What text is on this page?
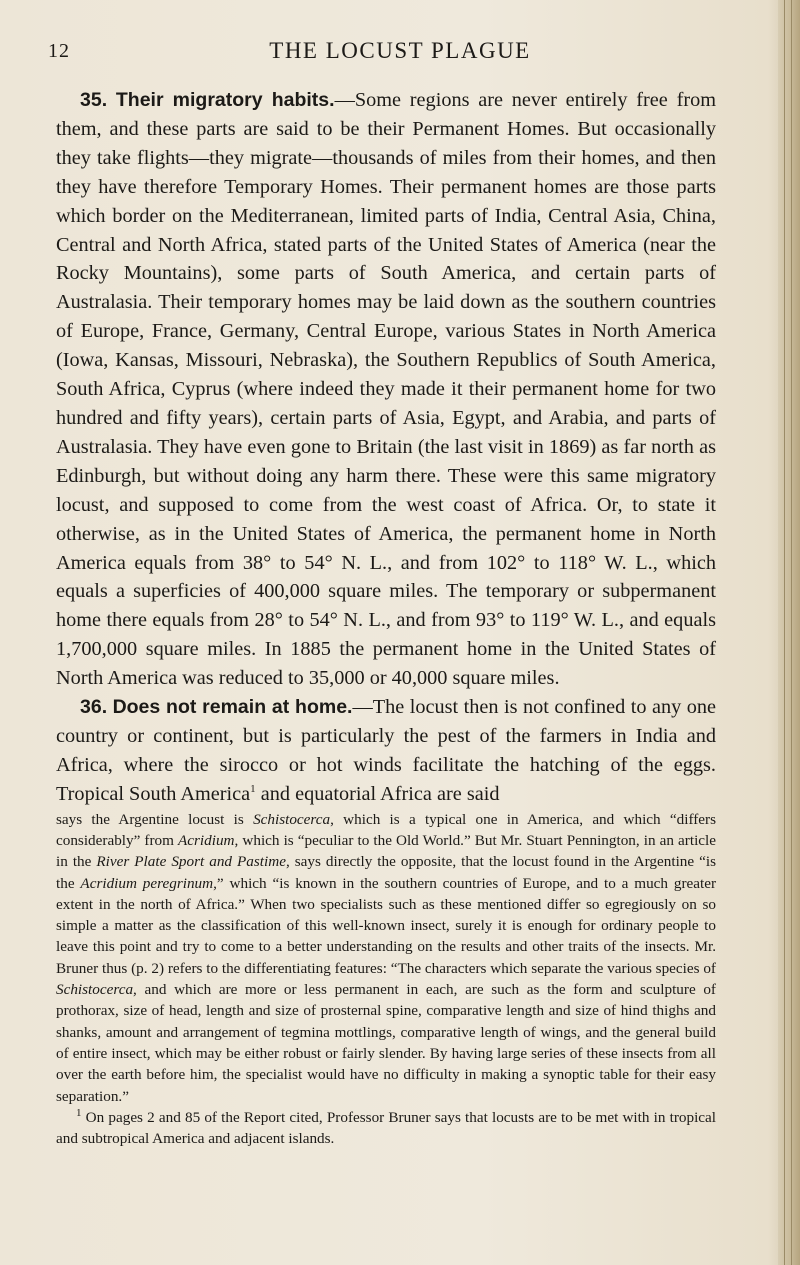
12	THE LOCUST PLAGUE

35. Their migratory habits.—Some regions are never entirely free from them, and these parts are said to be their Permanent Homes. But occasionally they take flights—they migrate—thousands of miles from their homes, and then they have therefore Temporary Homes. Their permanent homes are those parts which border on the Mediterranean, limited parts of India, Central Asia, China, Central and North Africa, stated parts of the United States of America (near the Rocky Mountains), some parts of South America, and certain parts of Australasia. Their temporary homes may be laid down as the southern countries of Europe, France, Germany, Central Europe, various States in North America (Iowa, Kansas, Missouri, Nebraska), the Southern Republics of South America, South Africa, Cyprus (where indeed they made it their permanent home for two hundred and fifty years), certain parts of Asia, Egypt, and Arabia, and parts of Australasia. They have even gone to Britain (the last visit in 1869) as far north as Edinburgh, but without doing any harm there. These were this same migratory locust, and supposed to come from the west coast of Africa. Or, to state it otherwise, as in the United States of America, the permanent home in North America equals from 38° to 54° N. L., and from 102° to 118° W. L., which equals a superficies of 400,000 square miles. The temporary or subpermanent home there equals from 28° to 54° N. L., and from 93° to 119° W. L., and equals 1,700,000 square miles. In 1885 the permanent home in the United States of North America was reduced to 35,000 or 40,000 square miles.

36. Does not remain at home.—The locust then is not confined to any one country or continent, but is particularly the pest of the farmers in India and Africa, where the sirocco or hot winds facilitate the hatching of the eggs. Tropical South America$^1$ and equatorial Africa are said

says the Argentine locust is Schistocerca, which is a typical one in America, and which “differs considerably” from Acridium, which is “peculiar to the Old World.” But Mr. Stuart Pennington, in an article in the River Plate Sport and Pastime, says directly the opposite, that the locust found in the Argentine “is the Acridium peregrinum,” which “is known in the southern countries of Europe, and to a much greater extent in the north of Africa.” When two specialists such as these mentioned differ so egregiously on so simple a matter as the classification of this well-known insect, surely it is enough for ordinary people to leave this point and try to come to a better understanding on the results and other traits of the insects. Mr. Bruner thus (p. 2) refers to the differentiating features: “The characters which separate the various species of Schistocerca, and which are more or less permanent in each, are such as the form and sculpture of prothorax, size of head, length and size of prosternal spine, comparative length and size of hind thighs and shanks, amount and arrangement of tegmina mottlings, comparative length of wings, and the general build of entire insect, which may be either robust or fairly slender. By having large series of these insects from all over the earth before him, the specialist would have no difficulty in making a synoptic table for their easy separation.”

$^1$ On pages 2 and 85 of the Report cited, Professor Bruner says that locusts are to be met with in tropical and subtropical America and adjacent islands.
